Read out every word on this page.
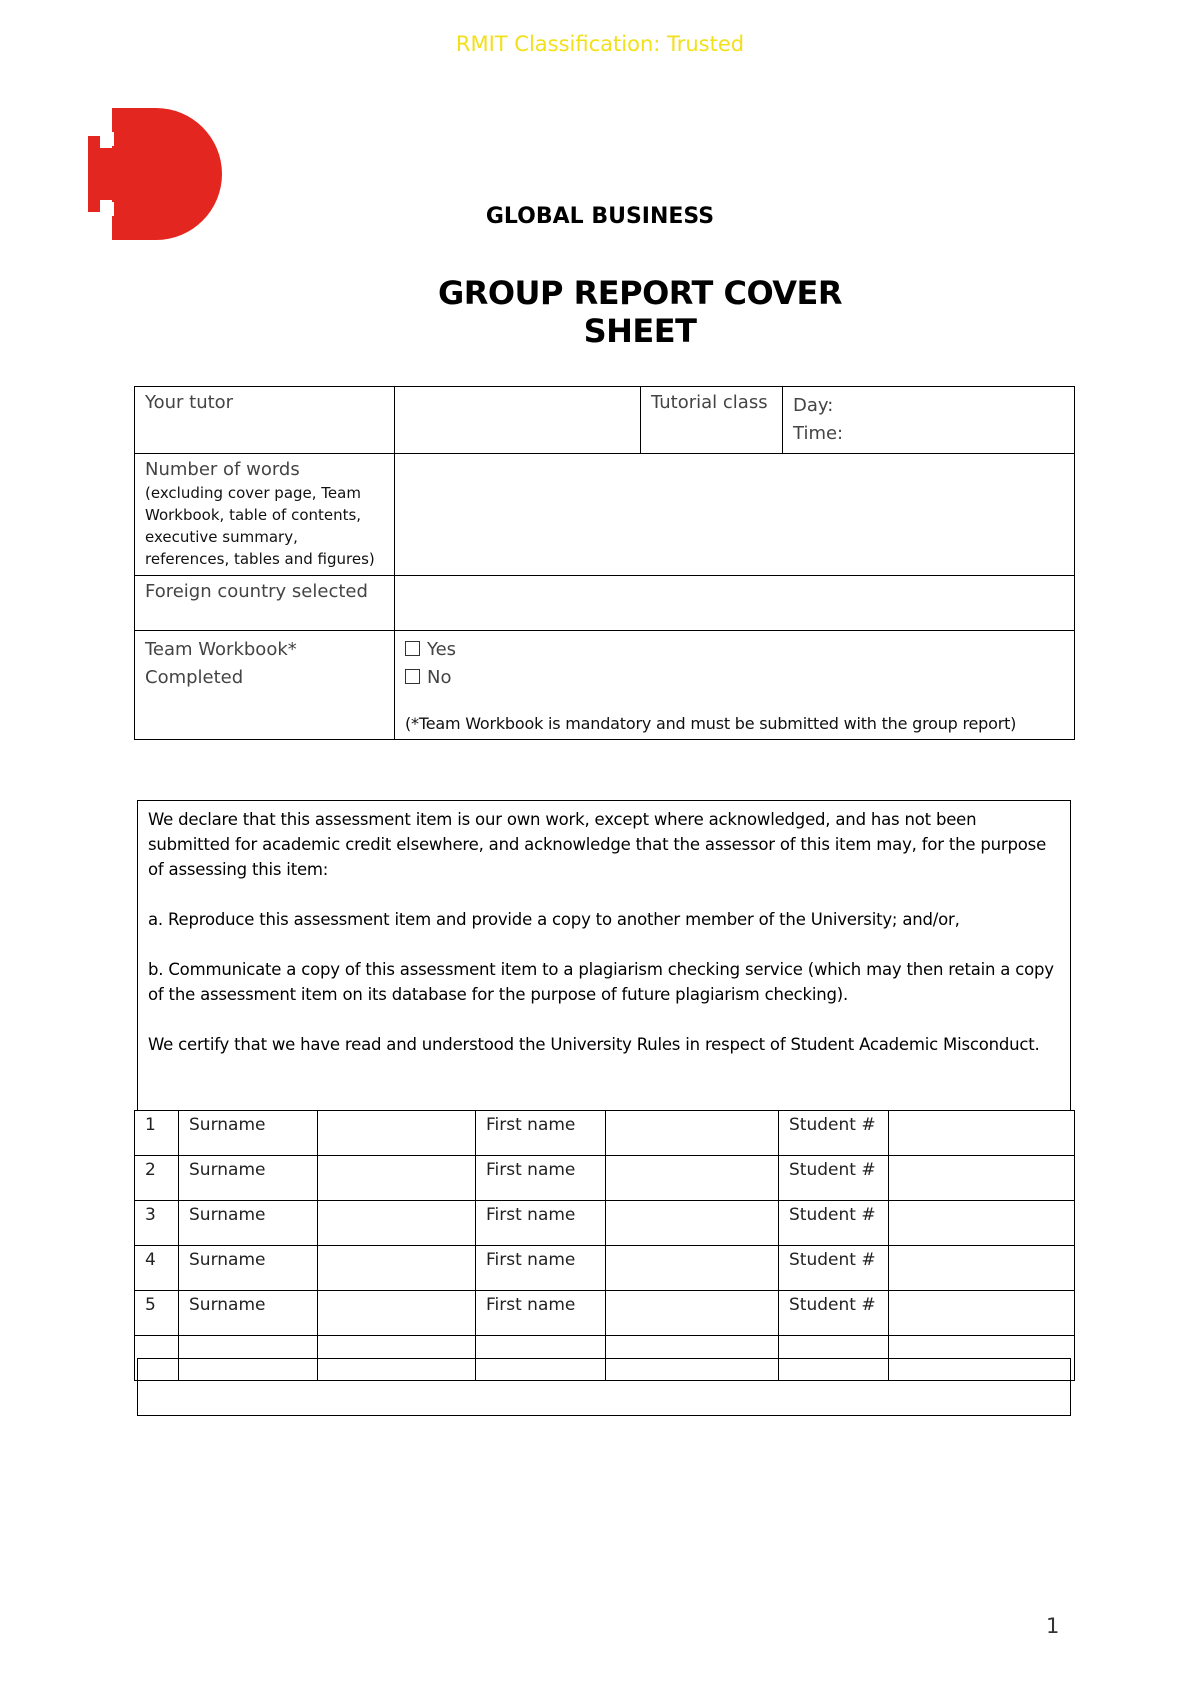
RMIT Classification: Trusted
GLOBAL BUSINESS
GROUP REPORT COVER SHEET
Your tutor		Tutorial class	Day:
Time:

Number of words
(excluding cover page, Team Workbook, table of contents, executive summary, references, tables and figures)			

Foreign country selected			

Team Workbook*
Completed	Yes
No
(*Team Workbook is mandatory and must be submitted with the group report)		

We declare that this assessment item is our own work, except where acknowledged, and has not been submitted for academic credit elsewhere, and acknowledge that the assessor of this item may, for the purpose of assessing this item:

a. Reproduce this assessment item and provide a copy to another member of the University; and/or,

b. Communicate a copy of this assessment item to a plagiarism checking service (which may then retain a copy of the assessment item on its database for the purpose of future plagiarism checking).

We certify that we have read and understood the University Rules in respect of Student Academic Misconduct.

1	Surname		First name		Student #	
2	Surname		First name		Student #	
3	Surname		First name		Student #	
4	Surname		First name		Student #	
5	Surname		First name		Student #	

1
